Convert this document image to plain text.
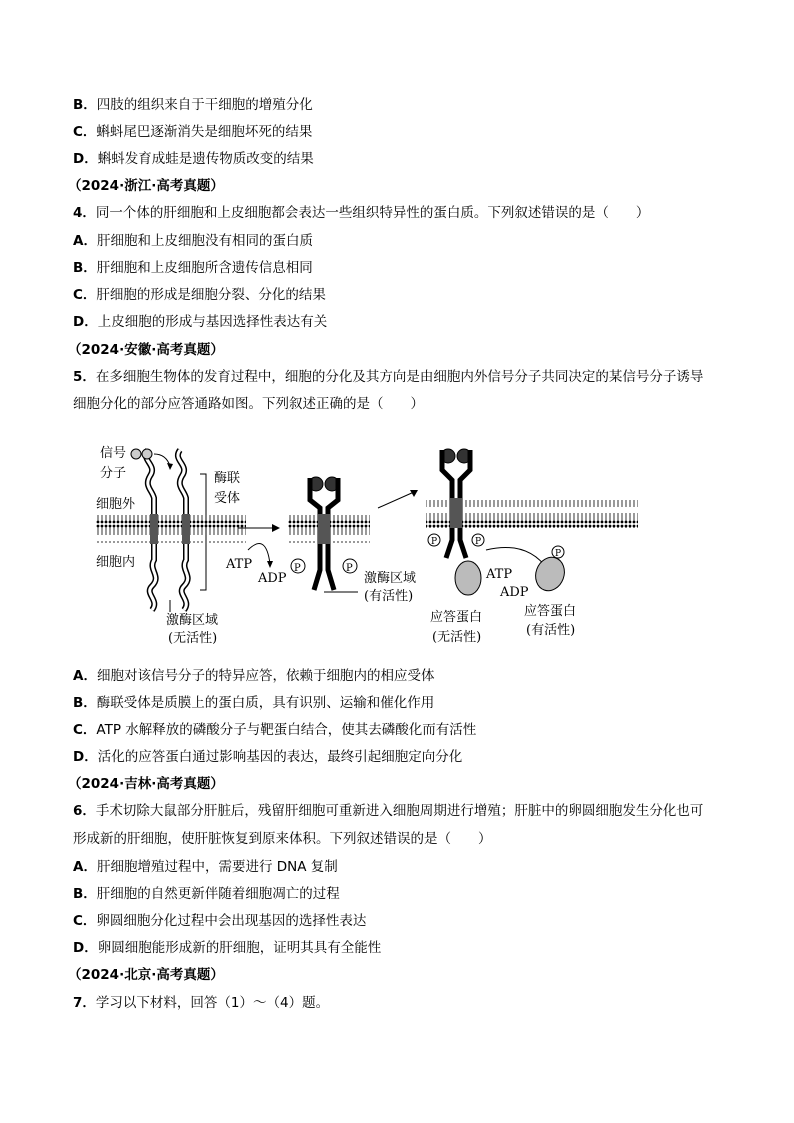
B．四肢的组织来自于干细胞的增殖分化
C．蝌蚪尾巴逐渐消失是细胞坏死的结果
D．蝌蚪发育成蛙是遗传物质改变的结果
（2024·浙江·高考真题）
4．同一个体的肝细胞和上皮细胞都会表达一些组织特异性的蛋白质。下列叙述错误的是（　　）
A．肝细胞和上皮细胞没有相同的蛋白质
B．肝细胞和上皮细胞所含遗传信息相同
C．肝细胞的形成是细胞分裂、分化的结果
D．上皮细胞的形成与基因选择性表达有关
（2024·安徽·高考真题）
5．在多细胞生物体的发育过程中，细胞的分化及其方向是由细胞内外信号分子共同决定的某信号分子诱导
细胞分化的部分应答通路如图。下列叙述正确的是（　　）
信号
分子
细胞外
细胞内
酶联
受体
激酶区域
(无活性)
ATP
ADP
P	P
激酶区域
(有活性)
P	P
ATP
ADP
P
应答蛋白
(无活性)
应答蛋白
(有活性)
A．细胞对该信号分子的特异应答，依赖于细胞内的相应受体
B．酶联受体是质膜上的蛋白质，具有识别、运输和催化作用
C．ATP 水解释放的磷酸分子与靶蛋白结合，使其去磷酸化而有活性
D．活化的应答蛋白通过影响基因的表达，最终引起细胞定向分化
（2024·吉林·高考真题）
6．手术切除大鼠部分肝脏后，残留肝细胞可重新进入细胞周期进行增殖；肝脏中的卵圆细胞发生分化也可
形成新的肝细胞，使肝脏恢复到原来体积。下列叙述错误的是（　　）
A．肝细胞增殖过程中，需要进行 DNA 复制
B．肝细胞的自然更新伴随着细胞凋亡的过程
C．卵圆细胞分化过程中会出现基因的选择性表达
D．卵圆细胞能形成新的肝细胞，证明其具有全能性
（2024·北京·高考真题）
7．学习以下材料，回答（1）～（4）题。
